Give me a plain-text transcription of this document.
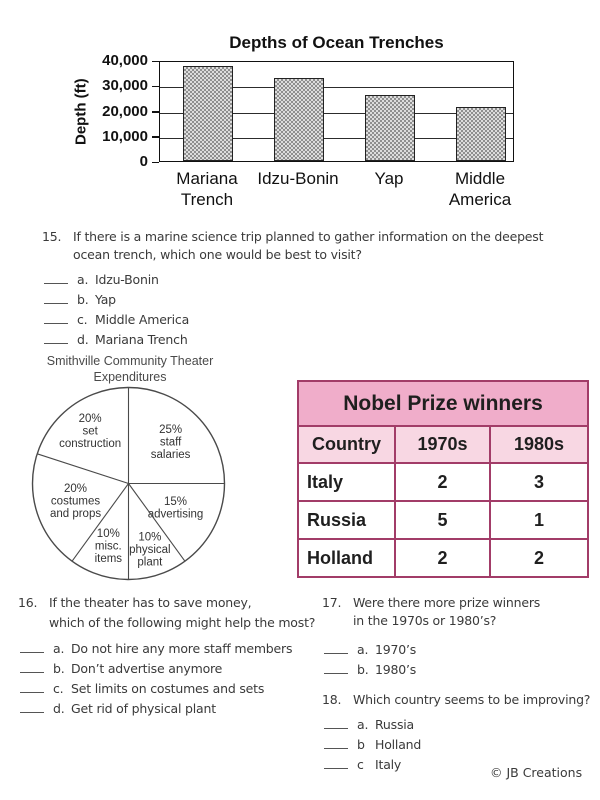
Depths of Ocean Trenches
Depth (ft)
40,000
30,000
20,000
10,000
0
Mariana
Trench
Idzu-Bonin	Yap	Middle
America
15. If there is a marine science trip planned to gather information on the deepest
ocean trench, which one would be best to visit?
a. Idzu-Bonin
b. Yap
c. Middle America
d. Mariana Trench
Smithville Community Theater
Expenditures
25% staff salaries
15% advertising
10% physical plant
10% misc. items
20% costumes and props
20% set construction
Nobel Prize winners		
Country	1970s	1980s
Italy	2	3
Russia	5	1
Holland	2	2
16. If the theater has to save money,
which of the following might help the most?
a. Do not hire any more staff members
b. Don’t advertise anymore
c. Set limits on costumes and sets
d. Get rid of physical plant
17. Were there more prize winners
in the 1970s or 1980’s?
a. 1970’s
b. 1980’s
18. Which country seems to be improving?
a. Russia
b Holland
c Italy
© JB Creations
